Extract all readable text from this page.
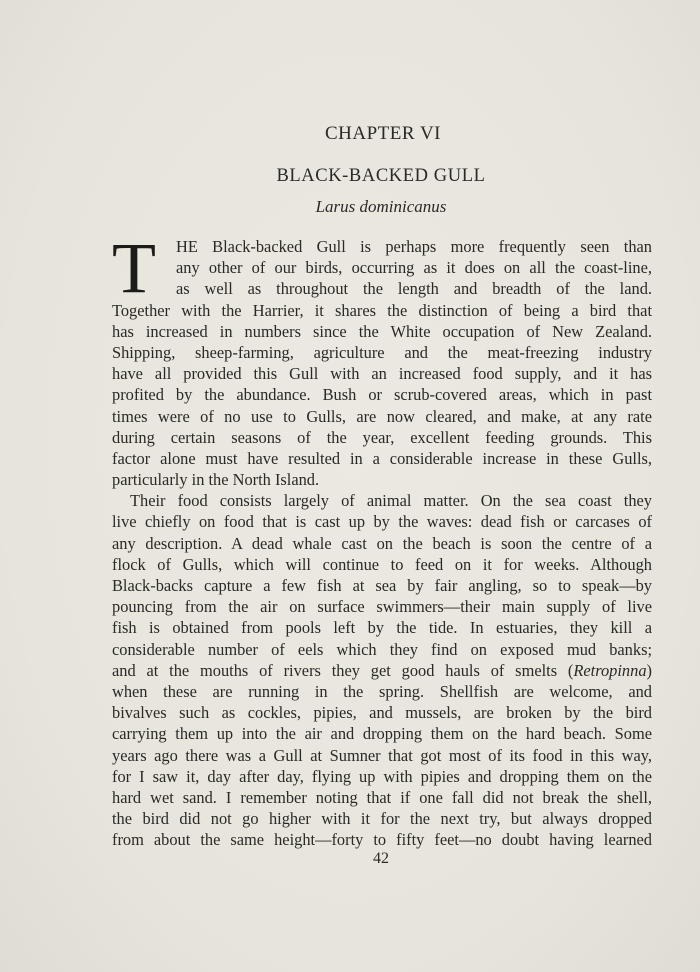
CHAPTER VI
BLACK-BACKED GULL
Larus dominicanus
T	HE Black-backed Gull is perhaps more frequently seen than
any other of our birds, occurring as it does on all the coast-line,
as well as throughout the length and breadth of the land.
Together with the Harrier, it shares the distinction of being a bird that
has increased in numbers since the White occupation of New Zealand.
Shipping, sheep-farming, agriculture and the meat-freezing industry
have all provided this Gull with an increased food supply, and it has
profited by the abundance. Bush or scrub-covered areas, which in past
times were of no use to Gulls, are now cleared, and make, at any rate
during certain seasons of the year, excellent feeding grounds. This
factor alone must have resulted in a considerable increase in these Gulls,
particularly in the North Island.
Their food consists largely of animal matter. On the sea coast they
live chiefly on food that is cast up by the waves: dead fish or carcases of
any description. A dead whale cast on the beach is soon the centre of a
flock of Gulls, which will continue to feed on it for weeks. Although
Black-backs capture a few fish at sea by fair angling, so to speak—by
pouncing from the air on surface swimmers—their main supply of live
fish is obtained from pools left by the tide. In estuaries, they kill a
considerable number of eels which they find on exposed mud banks;
and at the mouths of rivers they get good hauls of smelts (Retropinna)
when these are running in the spring. Shellfish are welcome, and
bivalves such as cockles, pipies, and mussels, are broken by the bird
carrying them up into the air and dropping them on the hard beach. Some
years ago there was a Gull at Sumner that got most of its food in this way,
for I saw it, day after day, flying up with pipies and dropping them on the
hard wet sand. I remember noting that if one fall did not break the shell,
the bird did not go higher with it for the next try, but always dropped
from about the same height—forty to fifty feet—no doubt having learned
42
